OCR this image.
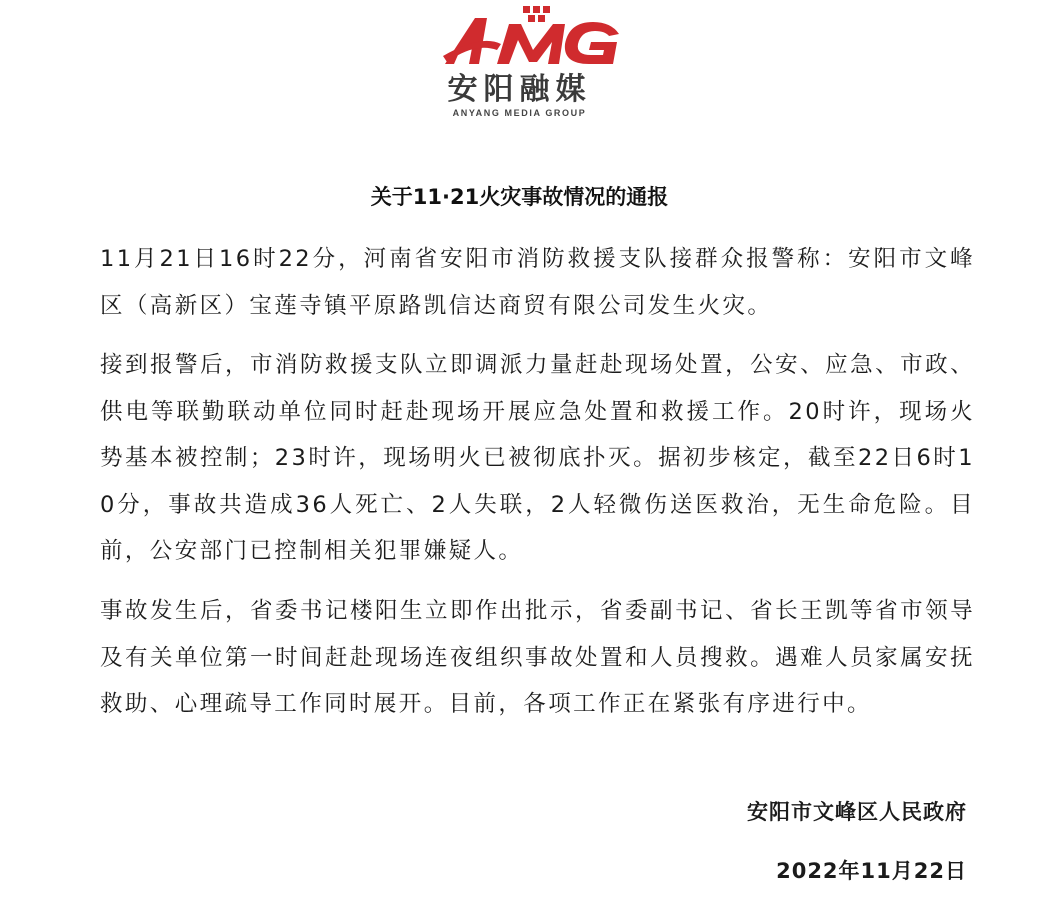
安阳融媒
ANYANG MEDIA GROUP
关于11·21火灾事故情况的通报

11月21日16时22分，河南省安阳市消防救援支队接群众报警称：安阳市文峰区（高新区）宝莲寺镇平原路凯信达商贸有限公司发生火灾。

接到报警后，市消防救援支队立即调派力量赶赴现场处置，公安、应急、市政、供电等联勤联动单位同时赶赴现场开展应急处置和救援工作。20时许，现场火势基本被控制；23时许，现场明火已被彻底扑灭。据初步核定，截至22日6时10分，事故共造成36人死亡、2人失联，2人轻微伤送医救治，无生命危险。目前，公安部门已控制相关犯罪嫌疑人。

事故发生后，省委书记楼阳生立即作出批示，省委副书记、省长王凯等省市领导及有关单位第一时间赶赴现场连夜组织事故处置和人员搜救。遇难人员家属安抚救助、心理疏导工作同时展开。目前，各项工作正在紧张有序进行中。

安阳市文峰区人民政府
2022年11月22日
